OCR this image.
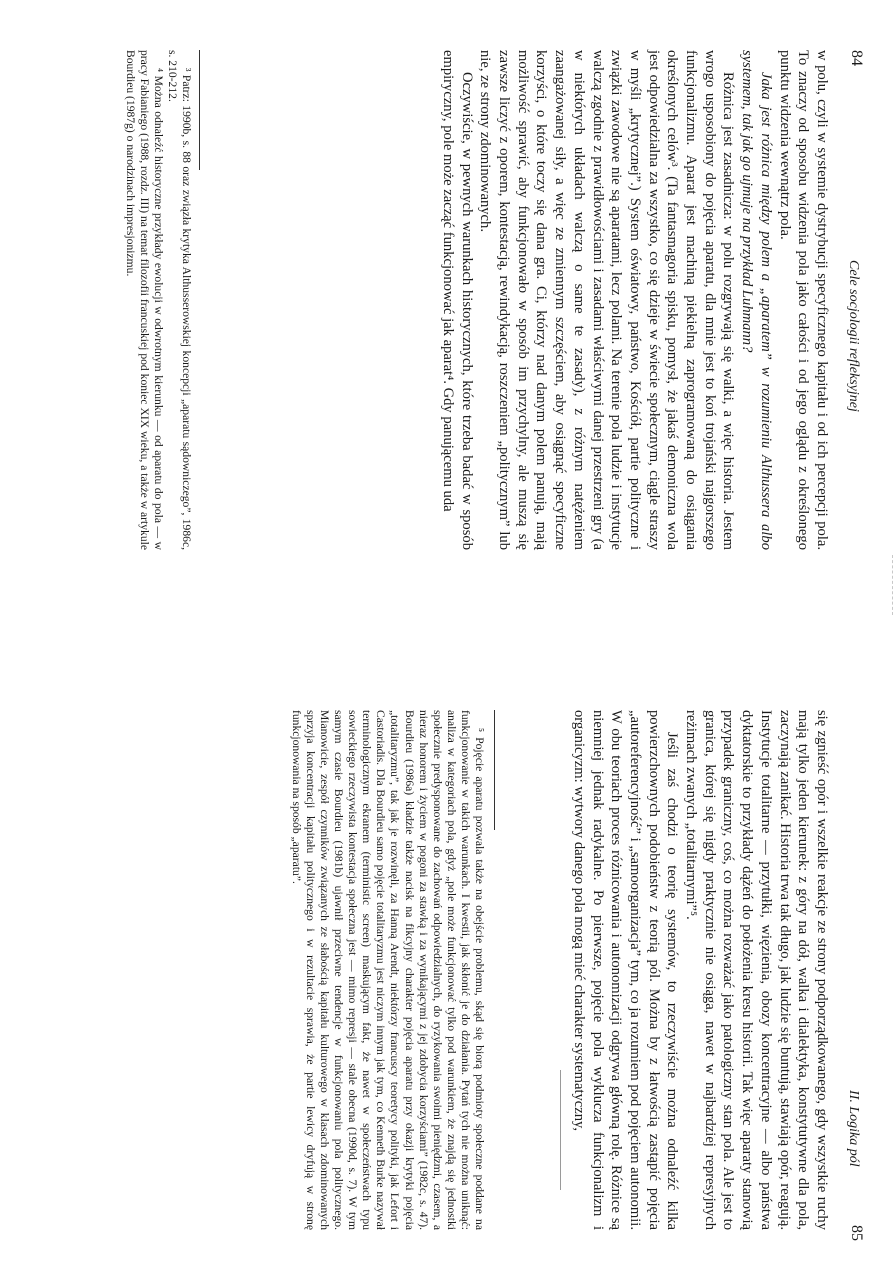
84
Cele socjologii refleksyjnej

w polu, czyli w systemie dystrybucji specyficznego kapitału i od ich percepcji pola. To znaczy od sposobu widzenia pola jako całości i od jego oglądu z określonego punktu widzenia wewnątrz pola.

Jaka jest różnica między polem a „aparatem” w rozumieniu Althussera albo systemem, tak jak go ujmuje na przykład Luhmann?

Różnica jest zasadnicza: w polu rozgrywają się walki, a więc historia. Jestem wrogo usposobiony do pojęcia aparatu, dla mnie jest to koń trojański najgorszego funkcjonalizmu. Aparat jest machiną piekielną zaprogramowaną do osiągania określonych celów³. (Ta fantasmagoria spisku, pomysł, że jakaś demoniczna wola jest odpowiedzialna za wszystko, co się dzieje w świecie społecznym, ciągle straszy w myśli „krytycznej”.) System oświatowy, państwo, Kościół, partie polityczne i związki zawodowe nie są aparatami, lecz polami. Na terenie pola ludzie i instytucje walczą zgodnie z prawidłowościami i zasadami właściwymi danej przestrzeni gry (a w niektórych układach walczą o same te zasady), z różnym natężeniem zaangażowanej siły, a więc ze zmiennym szczęściem, aby osiągnąć specyficzne korzyści, o które toczy się dana gra. Ci, którzy nad danym polem panują, mają możliwość sprawić, aby funkcjonowało w sposób im przychylny, ale muszą się zawsze liczyć z oporem, kontestacją, rewindykacją, roszczeniem „politycznym” lub nie, ze strony zdominowanych.

Oczywiście, w pewnych warunkach historycznych, które trzeba badać w sposób empiryczny, pole może zacząć funkcjonować jak aparat⁴. Gdy panującemu uda

³ Patrz: 1990b, s. 88 oraz związła krytyka Althusserowskiej koncepcji „aparatu sądowniczego”, 1986c, s. 210-212.

⁴ Można odnaleźć historyczne przykłady ewolucji w odwrotnym kierunku — od aparatu do pola — w pracy Fabianiego (1988, rozdz. III) na temat filozofii francuskiej pod koniec XIX wieku, a także w artykule Bourdieu (1987g) o narodzinach impresjonizmu.

II. Logika pól
85

się zgnieść opór i wszelkie reakcje ze strony podporządkowanego, gdy wszystkie ruchy mają tylko jeden kierunek: z góry na dół, walka i dialektyka, konstytutywne dla pola, zaczynają zanikać. Historia trwa tak długo, jak ludzie się buntują, stawiają opór, reagują. Instytucje totalitarne — przytułki, więzienia, obozy koncentracyjne — albo państwa dyktatorskie to przykłady dążeń do położenia kresu historii. Tak więc aparaty stanowią przypadek graniczny, coś, co można rozważać jako patologiczny stan pola. Ale jest to granica, której się nigdy praktycznie nie osiąga, nawet w najbardziej represyjnych reżimach zwanych „totalitarnymi”⁵.

Jeśli zaś chodzi o teorię systemów, to rzeczywiście można odnaleźć kilka powierzchownych podobieństw z teorią pól. Można by z łatwością zastąpić pojęcia „autoreferencyjność” i „samoorganizacja” tym, co ja rozumiem pod pojęciem autonomii. W obu teoriach proces różnicowania i autonomizacji odgrywa główną rolę. Różnice są niemniej jednak radykalne. Po pierwsze, pojęcie pola wyklucza funkcjonalizm i organicyzm: wytwory danego pola mogą mieć charakter systematyczny,

⁵ Pojęcie aparatu pozwala także na obejście problemu, skąd się biorą podmioty społeczne poddane na funkcjonowanie w takich warunkach. I kwestii, jak skłonić je do działania. Pytań tych nie można uniknąć: analiza w kategoriach pola, gdyż „pole może funkcjonować tylko pod warunkiem, że znajdą się jednostki społecznie predysponowane do zachowań odpowiedzialnych, do ryzykowania swoimi pieniędzmi, czasem, a nieraz honorem i życiem w pogoni za stawką i za wynikającymi z jej zdobycia korzyściami” (1982c, s. 47). Bourdieu (1986a) kładzie także nacisk na fikcyjny charakter pojęcia aparatu przy okazji krytyki pojęcia „totalitaryzmu”, tak jak je rozwinęli, za Hanną Arendt, niektórzy francuscy teoretycy polityki, jak Lefort i Castoriadis. Dla Bourdieu samo pojęcie totalitaryzmu jest niczym innym jak tym, co Kenneth Burke nazywał terminologicznym ekranem (terministic screen) maskującym fakt, że nawet w społeczeństwach typu sowieckiego rzeczywista kontestacja społeczna jest — mimo represji — stale obecna (1990d, s. 7). W tym samym czasie Bourdieu (1981b) ujawnił przeciwne tendencje w funkcjonowaniu pola politycznego. Mianowicie, zespół czynników związanych ze słabością kapitału kulturowego w klasach zdominowanych sprzyja koncentracji kapitału politycznego i w rezultacie sprawia, że partie lewicy dryfują w stronę funkcjonowania na sposób „aparatu”.
